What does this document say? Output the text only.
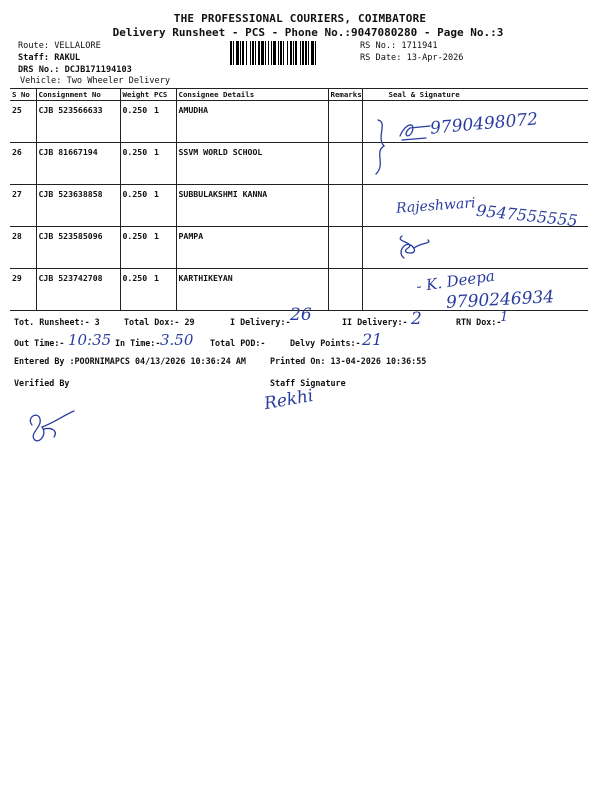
THE PROFESSIONAL COURIERS, COIMBATORE
Delivery Runsheet - PCS - Phone No.:9047080280 - Page No.:3
Route: VELLALORE
Staff: RAKUL
DRS No.: DCJB171194103
Vehicle: Two Wheeler Delivery
RS No.: 1711941
RS Date: 13-Apr-2026
S No	Consignment No	Weight	PCS	Consignee Details	Remarks	Seal & Signature
25	CJB 523566633	0.250	1	AMUDHA		
26	CJB 81667194	0.250	1	SSVM WORLD SCHOOL		
27	CJB 523638858	0.250	1	SUBBULAKSHMI KANNA		
28	CJB 523585096	0.250	1	PAMPA		
29	CJB 523742708	0.250	1	KARTHIKEYAN		
Tot. Runsheet:- 3	Total Dox:- 29	I Delivery:-	II Delivery:-	RTN Dox:-
Out Time:-	In Time:-	Total POD:-	Delvy Points:-
Entered By :POORNIMAPCS 04/13/2026 10:36:24 AM	Printed On: 13-04-2026 10:36:55
Verified By	Staff Signature
9790498072
Rajeshwari 9547555555
- K. Deepa
9790246934
26	2	1
10:35	3.50	21
Rekhi
